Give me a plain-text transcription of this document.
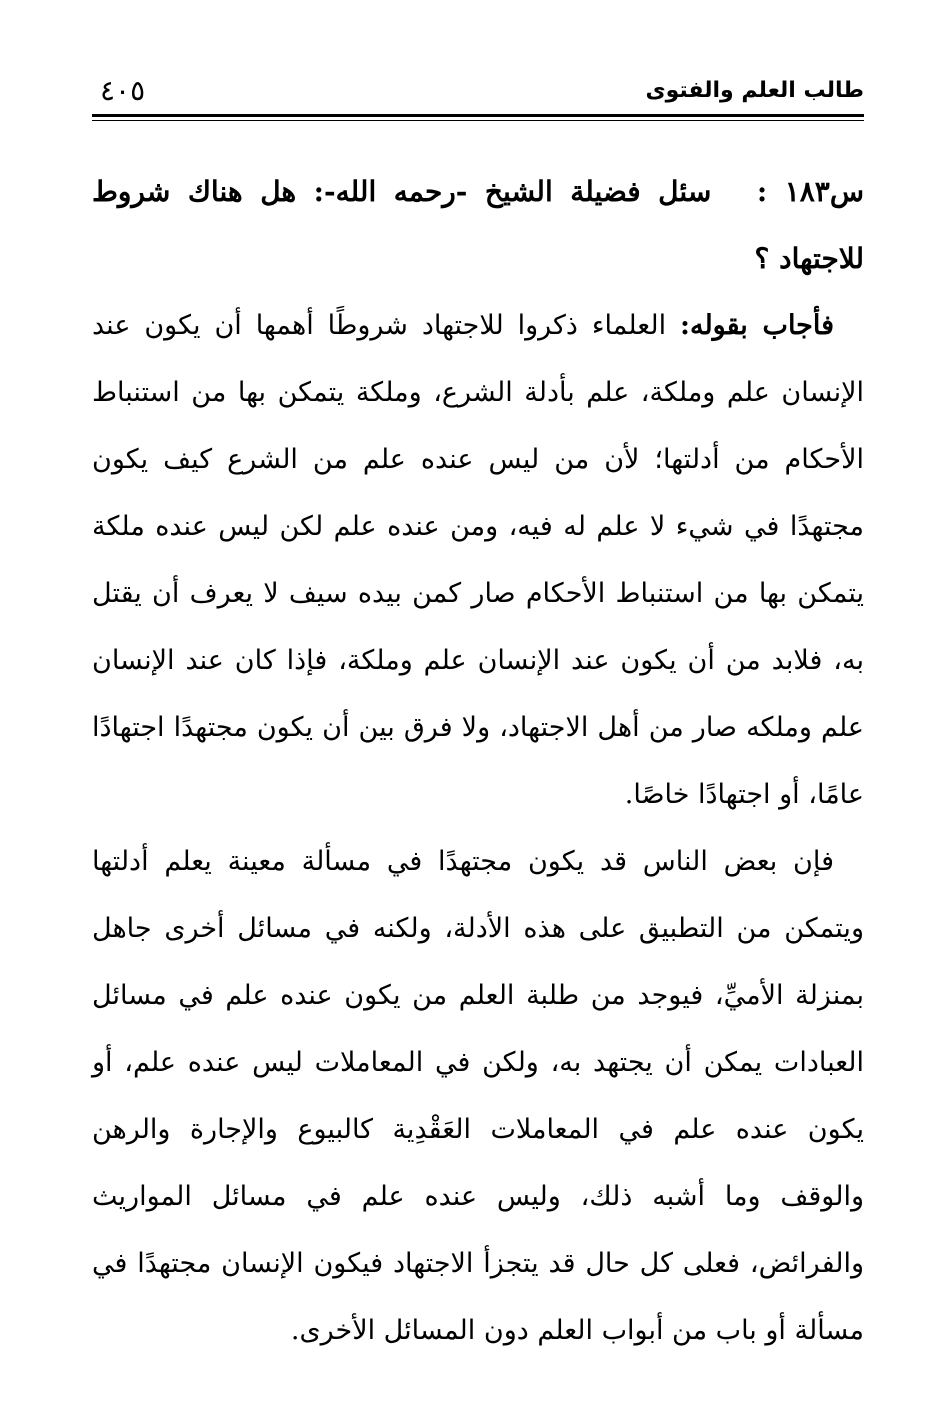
طالب العلم والفتوى
٤٠٥

س١٨٣ : سئل فضيلة الشيخ -رحمه الله-: هل هناك شروط للاجتهاد ؟

فأجاب بقوله: العلماء ذكروا للاجتهاد شروطًا أهمها أن يكون عند الإنسان علم وملكة، علم بأدلة الشرع، وملكة يتمكن بها من استنباط الأحكام من أدلتها؛ لأن من ليس عنده علم من الشرع كيف يكون مجتهدًا في شيء لا علم له فيه، ومن عنده علم لكن ليس عنده ملكة يتمكن بها من استنباط الأحكام صار كمن بيده سيف لا يعرف أن يقتل به، فلابد من أن يكون عند الإنسان علم وملكة، فإذا كان عند الإنسان علم وملكه صار من أهل الاجتهاد، ولا فرق بين أن يكون مجتهدًا اجتهادًا عامًا، أو اجتهادًا خاصًا.

فإن بعض الناس قد يكون مجتهدًا في مسألة معينة يعلم أدلتها ويتمكن من التطبيق على هذه الأدلة، ولكنه في مسائل أخرى جاهل بمنزلة الأميِّ، فيوجد من طلبة العلم من يكون عنده علم في مسائل العبادات يمكن أن يجتهد به، ولكن في المعاملات ليس عنده علم، أو يكون عنده علم في المعاملات العَقْدِية كالبيوع والإجارة والرهن والوقف وما أشبه ذلك، وليس عنده علم في مسائل المواريث والفرائض، فعلى كل حال قد يتجزأ الاجتهاد فيكون الإنسان مجتهدًا في مسألة أو باب من أبواب العلم دون المسائل الأخرى.
